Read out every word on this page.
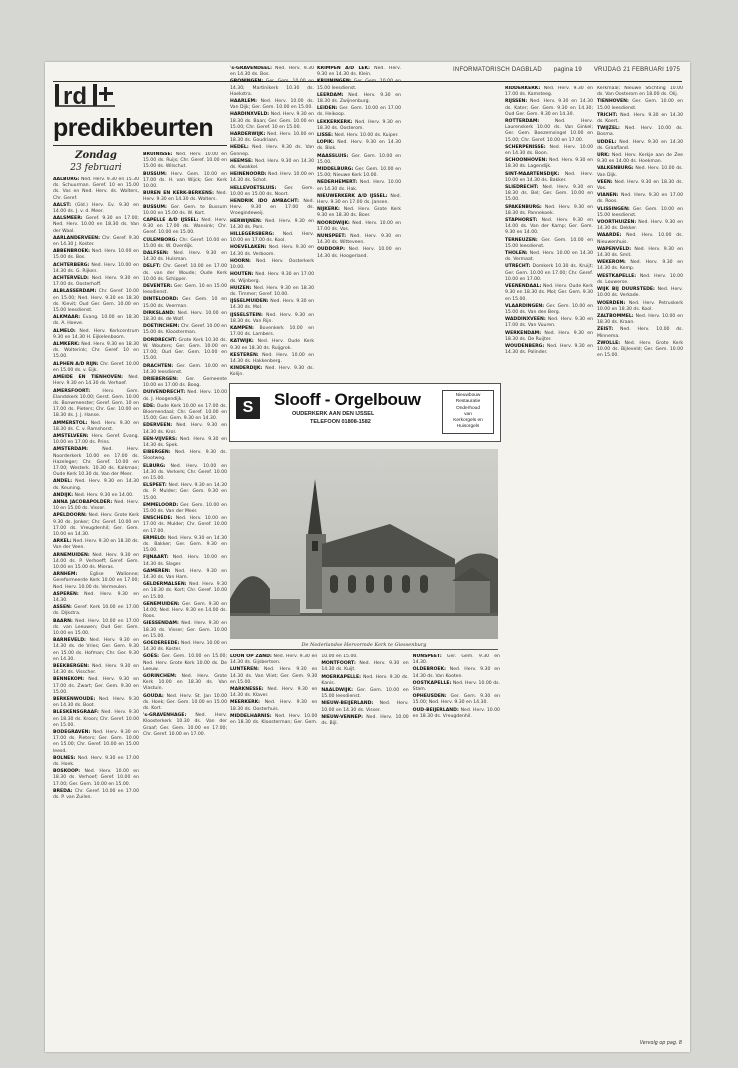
INFORMATORISCH DAGBLAD pagina 19 VRIJDAG 21 FEBRUARI 1975
rd
predikbeurten
Zondag
23 februari

AALBURG: Ned. Herv. 9.30 en 15.30 ds. Schuurman. Geref. 10 en 15.00 ds. Vos en Ned. Herv. ds. Wolters, Chr. Geref.

AALST: (Gld.) Herv. Ev. 9.30 en 14.00 ds. J. v. d. Meer.

AALSMEER: Geref. 9.30 en 17.00; Ned. Herv. 10.00 en 18.30 ds. Van der Waal.

AARLANDERVEEN: Chr. Geref. 9.30 en 14.30 J. Koster.

ABBENBROEK: Ned. Herv. 10.00 en 15.00 ds. Bos.

ACHTERBERG: Ned. Herv. 10.00 en 14.30 ds. G. Rijken.

ACHTERVELD: Ned. Herv. 9.30 en 17.00 ds. Oosterhoff.

ALBLASSERDAM: Chr. Geref. 10.00 en 15.00; Ned. Herv. 9.30 en 18.30 ds. Kievit; Oud Ger. Gem. 10.00 en 15.00 leesdienst.

ALKMAAR: Evang. 10.00 en 18.30 ds. A. Hoeve.

ALMELO: Ned. Herv. Kerkcentrum 9.30 en 14.30 H. Eijkelenboom.

ALMKERK: Ned. Herv. 9.30 en 18.30 ds. Wolterink; Chr. Geref. 10 en 15.00.

ALPHEN A/D RIJN: Chr. Geref. 10.00 en 15.00 ds. v. Eijk.

AMEIDE EN TIENHOVEN: Ned. Herv. 9.30 en 14.30 ds. Verhoef.

AMERSFOORT:	Herv. Gem. Elandskerk 10.00; Gerst. Gem. 10.00 ds. Bonwmeester; Geref. Gem. 10 en 17.00 ds. Pieters; Chr. Ger. 10.00 en 18.30 ds. J. J. Hanse.

AMMERSTOL: Ned. Herv. 9.30 en 18.30 ds. C. v. Ramshorst.

AMSTELVEEN: Herv. Geref. Evang. 10.00 en 17.00 ds. Prins.

AMSTERDAM:	Ned. Herv. Noorderkerk 10.00 en 17.00 ds. Hazeleger; Chr. Geref. 10.00 en 17.00; Westerk. 10.30 ds. Kalkman; Oude Kerk 10.30 ds. Van der Meer.

ANDEL: Ned. Herv. 9.30 en 14.30 ds. Keuning.

ANDIJK: Ned. Herv. 9.30 en 14.00.

ANNA JACOBAPOLDER: Ned. Herv. 10 en 15.00 ds. Visser.

APELDOORN: Ned. Herv. Grote Kerk 9.30 ds. Jonker; Chr. Geref. 10.00 en 17.00 ds. Vreugdenhil; Ger. Gem. 10.00 en 14.30.

ARKEL: Ned. Herv. 9.30 en 18.30 ds. Van der Veen.

ARNEMUIDEN: Ned. Herv. 9.30 en 14.00 ds. P. Verhoeff; Geref. Gem. 10.00 en 15.00 ds. Mieras.

ARNHEM:	Eglise Wallonne; Gereformeerde Kerk 10.00 en 17.00; Ned. Herv. 10.00 ds. Vermeulen.

ASPEREN: Ned. Herv. 9.30 en 14.30.

ASSEN: Geref. Kerk 10.00 en 17.00 ds. Dijkstra.

BAARN: Ned. Herv. 10.00 en 17.00 ds. van Leeuwen; Oud Ger. Gem. 10.00 en 15.00.

BARNEVELD: Ned. Herv. 9.30 en 14.30 ds. de Vries; Ger. Gem. 9.30 en 15.00 ds. Hofman; Chr. Ger. 9.30 en 14.30.

BEEKBERGEN: Ned. Herv. 9.30 en 14.30 ds. Visscher.

BENNEKOM: Ned. Herv. 9.30 en 17.00 ds. Zwart; Ger. Gem. 9.30 en 15.00.

BERKENWOUDE: Ned. Herv. 9.30 en 14.30 ds. Boot.

BLESKENSGRAAF: Ned. Herv. 9.30 en 18.30 ds. Kroon; Chr. Geref. 10.00 en 15.00.

BODEGRAVEN: Ned. Herv. 9.30 en 17.00 ds. Pieters; Ger. Gem. 10.00 en 15.00; Chr. Geref. 10.00 en 15.00 leesd.

BOLNES: Ned. Herv. 9.30 en 17.00 ds. Hoek.

BOSKOOP: Ned. Herv. 10.00 en 18.30 ds. Verhoef; Geref. 10.00 en 17.00; Ger. Gem. 10.00 en 15.00.

BREDA: Chr. Geref. 10.00 en 17.00 ds. P. van Zuilen.

BRUINISSE: Ned. Herv. 10.00 en 15.00 ds. Ruijs; Chr. Geref. 10.00 en 15.00 ds. Wilschut.

BUSSUM: Herv. Gem. 10.00 en 17.00 ds. H. van Wijck; Ger. Kerk 10.00.

BUREN EN KERK-BERKENS: Ned. Herv. 9.30 en 14.30 ds. Wolters.

BUSSUM: Ger. Gem. te Bussum 10.00 en 15.00 ds. W. Kort.

CAPELLE A/D IJSSEL: Ned. Herv. 9.30 en 17.00 ds. Wansink; Chr. Geref. 10.00 en 15.00.

CULEMBORG: Chr. Geref. 10.00 en 15.00 ds. W. Overdijk.

DALFSEN: Ned. Herv. 9.30 en 14.30 ds. Hulsman.

DELFT: Chr. Geref. 10.00 en 17.00 ds. van der Woude; Oude Kerk 10.00 ds. Schipper.

DEVENTER: Ger. Gem. 10 en 15.00 leesdienst.

DINTELOORD: Ger. Gem. 10 en 15.00 ds. Veerman.

DIRKSLAND: Ned. Herv. 10.00 en 18.30 ds. de Wolf.

DOETINCHEM: Chr. Geref. 10.00 en 15.00 ds. Kloosterman.

DORDRECHT: Grote Kerk 10.30 ds. W. Wouters; Ger. Gem. 10.00 en 17.00; Oud Ger. Gem. 10.00 en 15.00.

DRACHTEN: Ger. Gem. 10.00 en 14.30 leesdienst.

DRIEBERGEN: Ger. Gemeente 10.00 en 17.00 ds. Boog.

DUIVENDRECHT: Ned. Herv. 10.00 ds. J. Hoogendijk.

EDE: Oude Kerk 10.00 en 17.00 ds. Bloemendaal; Chr. Geref. 10.00 en 15.00; Ger. Gem. 9.30 en 14.30.

EDERVEEN: Ned. Herv. 9.30 en 14.30 ds. Krol.

EEN-VIJVERS: Ned. Herv. 9.30 en 14.30 ds. Spek.

EIBERGEN: Ned. Herv. 9.30 ds. Slootweg.

ELBURG: Ned. Herv. 10.00 en 14.30 ds. Verkerk; Chr. Geref. 10.00 en 15.00.

ELSPEET: Ned. Herv. 9.30 en 14.30 ds. P. Mulder; Ger. Gem. 9.30 en 15.00.

EMMELOORD: Ger. Gem. 10.00 en 15.00 ds. Van der Meer.

ENSCHEDE: Ned. Herv. 10.00 en 17.00 ds. Mulder; Chr. Geref. 10.00 en 17.00.

ERMELO: Ned. Herv. 9.30 en 14.30 ds. Bakker; Ger. Gem. 9.30 en 15.00.

FIJNAART: Ned. Herv. 10.00 en 14.30 ds. Slager.

GAMEREN: Ned. Herv. 9.30 en 14.30 ds. Van Ham.

GELDERMALSEN: Ned. Herv. 9.30 en 18.30 ds. Kort; Chr. Geref. 10.00 en 15.00.

GENEMUIDEN: Ger. Gem. 9.30 en 14.00; Ned. Herv. 9.30 en 14.00 ds. Roos.

GIESSENDAM: Ned. Herv. 9.30 en 18.30 ds. Visser; Ger. Gem. 10.00 en 15.00.

GOEDEREEDE: Ned. Herv. 10.00 en 14.30 ds. Koster.

GOES: Ger. Gem. 10.00 en 15.00; Ned. Herv. Grote Kerk 10.00 ds. De Leeuw.

GORINCHEM: Ned. Herv. Grote Kerk 10.00 en 18.30 ds. Van Vlastuin.

GOUDA: Ned. Herv. St. Jan 10.00 ds. Hoek; Ger. Gem. 10.00 en 15.00 ds. Kort.

's-GRAVENHAGE: Ned. Herv. Kloosterkerk 10.30 ds. Van der Graaf; Ger. Gem. 10.00 en 17.00; Chr. Geref. 10.00 en 17.00.

's-GRAVENDEEL: Ned. Herv. 9.30 en 14.30 ds. Bos.

GRONINGEN: Ger. Gem. 10.00 en 14.30; Martinikerk 10.30 ds. Hoekstra.

HAARLEM: Ned. Herv. 10.00 ds. Van Dijk; Ger. Gem. 10.00 en 15.00.

HARDINXVELD: Ned. Herv. 9.30 en 18.30 ds. Baan; Ger. Gem. 10.00 en 15.00; Chr. Geref. 10 en 15.00.

HARDERWIJK: Ned. Herv. 10.00 en 18.30 ds. Goudriaan.

HEDEL: Ned. Herv. 9.30 ds. Van Gennep.

HEEMSE: Ned. Herv. 9.30 en 14.30 ds. Kwakkel.

HEINENOORD: Ned. Herv. 10.00 en 14.30 ds. Schot.

HELLEVOETSLUIS: Ger. Gem. 10.00 en 15.00 ds. Noort.

HENDRIK IDO AMBACHT: Ned. Herv. 9.30 en 17.00 ds. Vroegindeweij.

HERWIJNEN: Ned. Herv. 9.30 en 14.30 ds. Pors.

HILLEGERSBERG: Ned. Herv. 10.00 en 17.00 ds. Kool.

HOEVELAKEN: Ned. Herv. 9.30 en 14.30 ds. Verboom.

HOORN: Ned. Herv. Oosterkerk 10.00.

HOUTEN: Ned. Herv. 9.30 en 17.00 ds. Wijnberg.

HUIZEN: Ned. Herv. 9.30 en 18.30 ds. Timmer; Geref. 10.00.

IJSSELMUIDEN: Ned. Herv. 9.30 en 14.30 ds. Mol.

IJSSELSTEIN: Ned. Herv. 9.30 en 18.30 ds. Van Rijn.

KAMPEN: Bovenkerk 10.00 en 17.00 ds. Lambers.

KATWIJK: Ned. Herv. Oude Kerk 9.30 en 18.30 ds. Ruijgrok.

KESTEREN: Ned. Herv. 10.00 en 14.30 ds. Hakkenberg.

KINDERDIJK: Ned. Herv. 9.30 ds. Kolijn.

KRIMPEN A/D LEK: Ned. Herv. 9.30 en 14.30 ds. Klein.

KRUININGEN: Ger. Gem. 10.00 en 15.00 leesdienst.

LEERDAM: Ned. Herv. 9.30 en 18.30 ds. Zwijnenburg.

LEIDEN: Ger. Gem. 10.00 en 17.00 ds. Heikoop.

LEKKERKERK: Ned. Herv. 9.30 en 18.30 ds. Oosterom.

LISSE: Ned. Herv. 10.00 ds. Kuiper.

LOPIK: Ned. Herv. 9.30 en 14.30 ds. Blok.

MAASSLUIS: Ger. Gem. 10.00 en 15.00.

MIDDELBURG: Ger. Gem. 10.00 en 15.00; Nieuwe Kerk 10.00.

NEDERHEMERT: Ned. Herv. 10.00 en 14.30 ds. Hak.

NIEUWERKERK A/D IJSSEL: Ned. Herv. 9.30 en 17.00 ds. Jansen.

NIJKERK: Ned. Herv. Grote Kerk 9.30 en 18.30 ds. Boer.

NOORDWIJK: Ned. Herv. 10.00 en 17.00 ds. Vos.

NUNSPEET: Ned. Herv. 9.30 en 14.30 ds. Witteveen.

OUDDORP: Ned. Herv. 10.00 en 14.30 ds. Hoogerland.

LOON OP ZAND: Ned. Herv. 9.30 en 14.30 ds. Gijsbertsen.

LUNTEREN: Ned. Herv. 9.30 en 14.30 ds. Van Vliet; Ger. Gem. 9.30 en 15.00.

MARKNESSE: Ned. Herv. 9.30 en 14.30 ds. Klaver.

MEERKERK: Ned. Herv. 9.30 en 18.30 ds. Oosterhuis.

MIDDELHARNIS: Ned. Herv. 10.00 en 18.30 ds. Kloosterman; Ger. Gem. 10.00 en 15.00.

MONTFOORT: Ned. Herv. 9.30 en 14.30 ds. Kuijt.

MOERKAPELLE: Ned. Herv. 9.30 ds. Kanis.

NAALDWIJK: Ger. Gem. 10.00 en 15.00 leesdienst.

NIEUW-BEIJERLAND: Ned. Herv. 10.00 en 14.30 ds. Visser.

NIEUW-VENNEP: Ned. Herv. 10.00 ds. Bijl.

NUNSPEET: Ger. Gem. 9.30 en 14.30.

OLDEBROEK: Ned. Herv. 9.30 en 14.30 ds. Van Kooten.

OOSTKAPELLE: Ned. Herv. 10.00 ds. Stam.

OPHEUSDEN: Ger. Gem. 9.30 en 15.00; Ned. Herv. 9.30 en 14.30.

OUD-BEIJERLAND: Ned. Herv. 10.00 en 18.30 ds. Vreugdenhil.

RIDDERKERK: Ned. Herv. 9.30 en 17.00 ds. Kamsteeg.

RIJSSEN: Ned. Herv. 9.30 en 14.30 ds. Kater; Ger. Gem. 9.30 en 14.30; Oud Ger. Gem. 9.30 en 14.30.

ROTTERDAM:	Ned. Herv. Laurenskerk 10.00 ds. Van Ginkel; Ger. Gem. Boezemsingel 10.00 en 15.00; Chr. Geref. 10.00 en 17.00.

SCHERPENISSE: Ned. Herv. 10.00 en 14.30 ds. Boon.

SCHOONHOVEN: Ned. Herv. 9.30 en 18.30 ds. Lagendijk.

SINT-MAARTENSDIJK: Ned. Herv. 10.00 en 14.30 ds. Bakker.

SLIEDRECHT: Ned. Herv. 9.30 en 18.30 ds. Bel; Ger. Gem. 10.00 en 15.00.

SPAKENBURG: Ned. Herv. 9.30 en 18.30 ds. Pannekoek.

STAPHORST: Ned. Herv. 9.30 en 14.00 ds. Van der Kamp; Ger. Gem. 9.30 en 14.00.

TERNEUZEN: Ger. Gem. 10.00 en 15.00 leesdienst.

THOLEN: Ned. Herv. 10.00 en 14.30 ds. Vermaat.

UTRECHT: Domkerk 10.30 ds. Kruijt; Ger. Gem. 10.00 en 17.00; Chr. Geref. 10.00 en 17.00.

VEENENDAAL: Ned. Herv. Oude Kerk 9.30 en 18.30 ds. Mol; Ger. Gem. 9.30 en 15.00.

VLAARDINGEN: Ger. Gem. 10.00 en 15.00 ds. Van den Berg.

WADDINXVEEN: Ned. Herv. 9.30 en 17.00 ds. Van Vuuren.

WERKENDAM: Ned. Herv. 9.30 en 18.30 ds. De Ruijter.

WOUDENBERG: Ned. Herv. 9.30 en 14.30 ds. Polinder.

Kerkmaal; Nieuwe Stichting 10.00 ds. Van Oosterom en 18.00 ds. Olij.

TIENHOVEN: Ger. Gem. 10.00 en 15.00 leesdienst.

TRICHT: Ned. Herv. 9.30 en 14.30 ds. Koert.

TWIJZEL: Ned. Herv. 10.00 ds. Bosma.

UDDEL: Ned. Herv. 9.30 en 14.30 ds. Graafland.

URK: Ned. Herv. Kerkje aan de Zee 9.30 en 14.00 ds. Hoekman.

VALKENBURG: Ned. Herv. 10.00 ds. Van Dijk.

VEEN: Ned. Herv. 9.30 en 18.30 ds. Vos.

VIANEN: Ned. Herv. 9.30 en 17.00 ds. Roos.

VLISSINGEN: Ger. Gem. 10.00 en 15.00 leesdienst.

VOORTHUIZEN: Ned. Herv. 9.30 en 14.30 ds. Dekker.

WAARDE: Ned. Herv. 10.00 ds. Nieuwenhuis.

WAPENVELD: Ned. Herv. 9.30 en 14.30 ds. Smit.

WEKEROM: Ned. Herv. 9.30 en 14.30 ds. Kemp.

WESTKAPELLE: Ned. Herv. 10.00 ds. Louwerse.

WIJK BIJ DUURSTEDE: Ned. Herv. 10.00 ds. Verkade.

WOERDEN: Ned. Herv. Petruskerk 10.00 en 18.30 ds. Kool.

ZALTBOMMEL: Ned. Herv. 10.00 en 18.30 ds. Kraan.

ZEIST: Ned. Herv. 10.00 ds. Minnema.

ZWOLLE: Ned. Herv. Grote Kerk 10.00 ds. Bijleveld; Ger. Gem. 10.00 en 15.00.

S	Slooff - Orgelbouw
OUDERKERK AAN DEN IJSSEL
TELEFOON 01808-1582
Nieuwbouw
Restauratie
Onderhoud
van
Kerkorgels en
Huisorgels
De Nederlandse Hervormde Kerk te Giessenburg
Vervolg op pag. 8
